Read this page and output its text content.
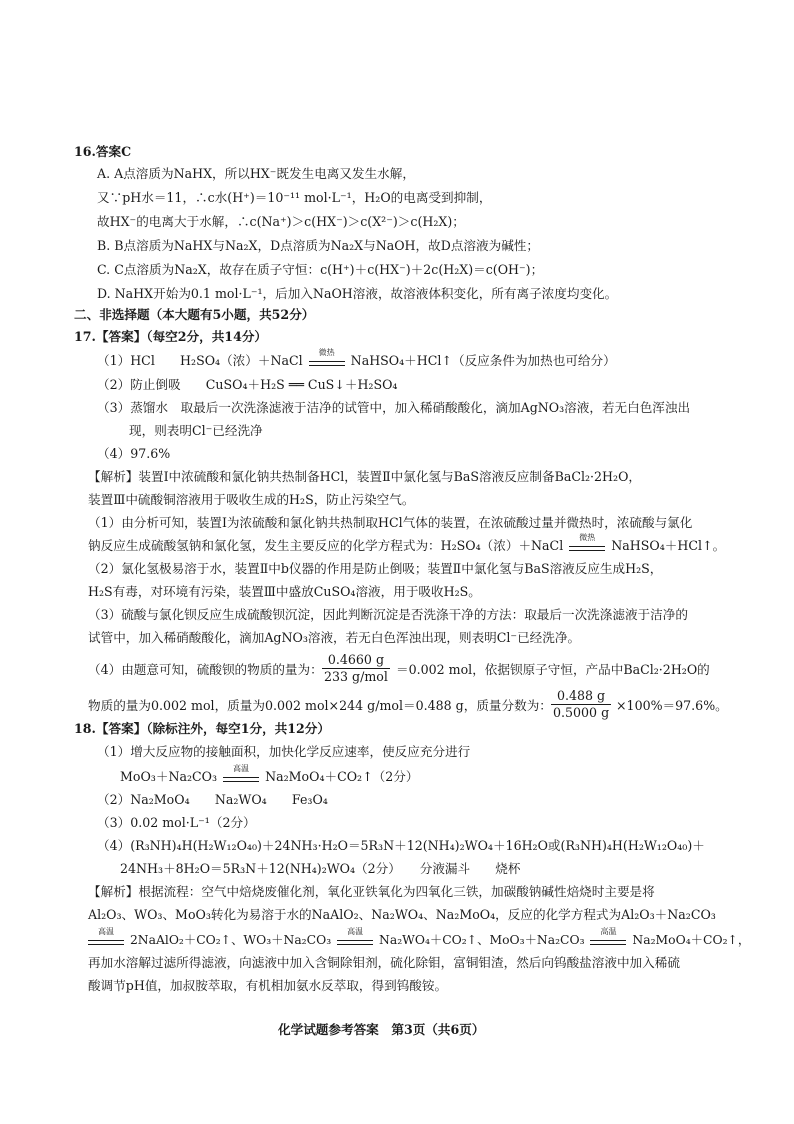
16.答案C
A. A点溶质为NaHX，所以HX⁻既发生电离又发生水解，
又∵pH水＝11，∴c水(H⁺)＝10⁻¹¹ mol·L⁻¹，H₂O的电离受到抑制，
故HX⁻的电离大于水解，∴c(Na⁺)＞c(HX⁻)＞c(X²⁻)＞c(H₂X)；
B. B点溶质为NaHX与Na₂X，D点溶质为Na₂X与NaOH，故D点溶液为碱性；
C. C点溶质为Na₂X，故存在质子守恒：c(H⁺)＋c(HX⁻)＋2c(H₂X)＝c(OH⁻)；
D. NaHX开始为0.1 mol·L⁻¹，后加入NaOH溶液，故溶液体积变化，所有离子浓度均变化。
二、非选择题（本大题有5小题，共52分）
17.【答案】（每空2分，共14分）
（1）HCl　　H₂SO₄（浓）＋NaCl
微热
NaHSO₄＋HCl↑（反应条件为加热也可给分）
（2）防止倒吸　　CuSO₄＋H₂S ══ CuS↓＋H₂SO₄
（3）蒸馏水　取最后一次洗涤滤液于洁净的试管中，加入稀硝酸酸化，滴加AgNO₃溶液，若无白色浑浊出
现，则表明Cl⁻已经洗净
（4）97.6%
【解析】装置Ⅰ中浓硫酸和氯化钠共热制备HCl，装置Ⅱ中氯化氢与BaS溶液反应制备BaCl₂·2H₂O，
装置Ⅲ中硫酸铜溶液用于吸收生成的H₂S，防止污染空气。
（1）由分析可知，装置Ⅰ为浓硫酸和氯化钠共热制取HCl气体的装置，在浓硫酸过量并微热时，浓硫酸与氯化
钠反应生成硫酸氢钠和氯化氢，发生主要反应的化学方程式为：H₂SO₄（浓）＋NaCl
微热
NaHSO₄＋HCl↑。
（2）氯化氢极易溶于水，装置Ⅱ中b仪器的作用是防止倒吸；装置Ⅱ中氯化氢与BaS溶液反应生成H₂S，
H₂S有毒，对环境有污染，装置Ⅲ中盛放CuSO₄溶液，用于吸收H₂S。
（3）硫酸与氯化钡反应生成硫酸钡沉淀，因此判断沉淀是否洗涤干净的方法：取最后一次洗涤滤液于洁净的
试管中，加入稀硝酸酸化，滴加AgNO₃溶液，若无白色浑浊出现，则表明Cl⁻已经洗净。
（4）由题意可知，硫酸钡的物质的量为：
0.4660 g
233 g/mol ＝0.002 mol，依据钡原子守恒，产品中BaCl₂·2H₂O的
物质的量为0.002 mol，质量为0.002 mol×244 g/mol＝0.488 g，质量分数为： $\frac{0.488 g}{0.5000 g} \times 100\%=97.6\%$。
18.【答案】（除标注外，每空1分，共12分）
（1）增大反应物的接触面积，加快化学反应速率，使反应充分进行
MoO₃＋Na₂CO₃
高温
Na₂MoO₄＋CO₂↑（2分）
（2）Na₂MoO₄　　Na₂WO₄　　Fe₃O₄
（3）0.02 mol·L⁻¹（2分）
（4）(R₃NH)₄H(H₂W₁₂O₄₀)＋24NH₃·H₂O＝5R₃N＋12(NH₄)₂WO₄＋16H₂O或(R₃NH)₄H(H₂W₁₂O₄₀)＋
24NH₃＋8H₂O＝5R₃N＋12(NH₄)₂WO₄（2分）　　分液漏斗　　烧杯
【解析】根据流程：空气中焙烧废催化剂，氧化亚铁氧化为四氧化三铁，加碳酸钠碱性焙烧时主要是将
Al₂O₃、WO₃、MoO₃转化为易溶于水的NaAlO₂、Na₂WO₄、Na₂MoO₄，反应的化学方程式为Al₂O₃＋Na₂CO₃
高温
2NaAlO₂＋CO₂↑、WO₃＋Na₂CO₃
高温
Na₂WO₄＋CO₂↑、MoO₃＋Na₂CO₃
高温
Na₂MoO₄＋CO₂↑，
再加水溶解过滤所得滤液，向滤液中加入含铜除钼剂，硫化除钼，富铜钼渣，然后向钨酸盐溶液中加入稀硫
酸调节pH值，加叔胺萃取，有机相加氨水反萃取，得到钨酸铵。
化学试题参考答案　第3页（共6页）
